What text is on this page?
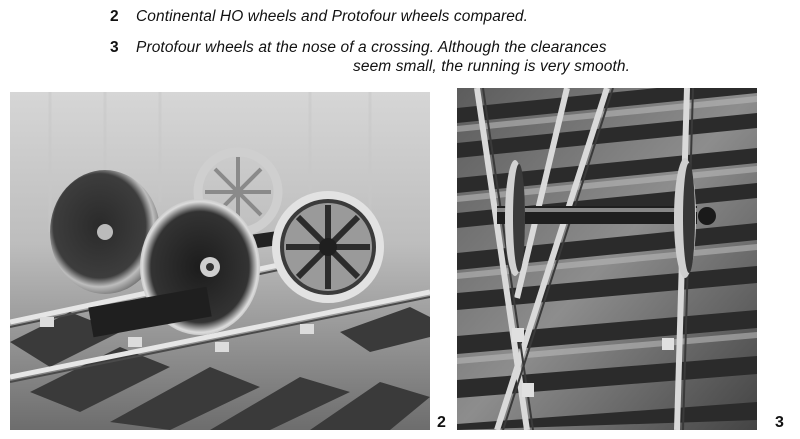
2 Continental HO wheels and Protofour wheels compared.
3 Protofour wheels at the nose of a crossing. Although the clearances
seem small, the running is very smooth.
2	3
